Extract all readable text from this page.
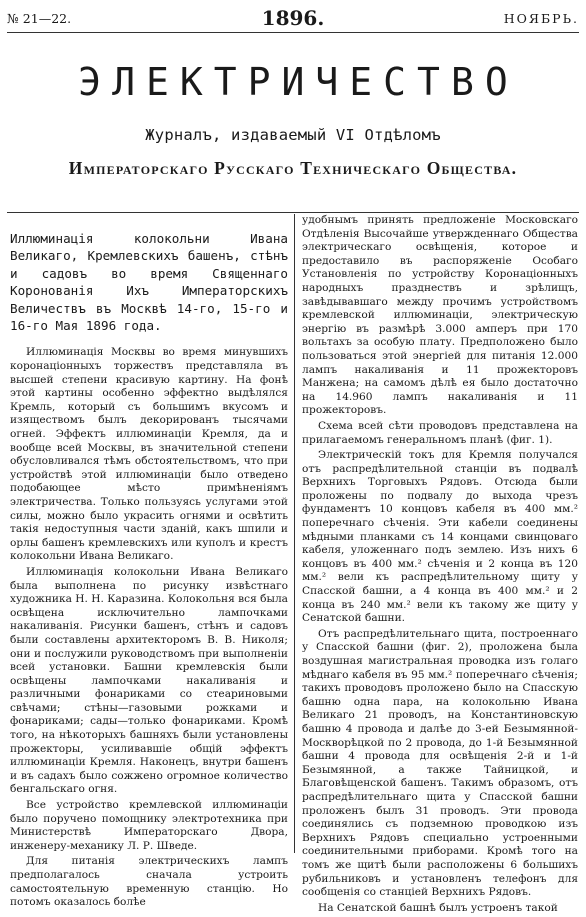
№ 21—22.	1896.	НОЯБРЬ.
ЭЛЕКТРИЧЕСТВО
Журналъ, издаваемый VI Отдѣломъ
Императорскаго Русскаго Техническаго Общества.
Иллюминація колокольни Ивана Великаго, Кремлевскихъ башенъ, стѣнъ и садовъ во время Священнаго Коронованія Ихъ Императорскихъ Величествъ въ Москвѣ 14-го, 15-го и 16-го Мая 1896 года.

Иллюминація Москвы во время минувшихъ коронаціонныхъ торжествъ представляла въ высшей степени красивую картину. На фонѣ этой картины особенно эффектно выдѣлялся Кремль, который съ большимъ вкусомъ и изяществомъ былъ декорированъ тысячами огней. Эффектъ иллюминаціи Кремля, да и вообще всей Москвы, въ значительной степени обусловливался тѣмъ обстоятельствомъ, что при устройствѣ этой иллюминаціи было отведено подобающее мѣсто примѣненіямъ электричества. Только пользуясь услугами этой силы, можно было украсить огнями и освѣтить такія недоступныя части зданій, какъ шпили и орлы башенъ кремлевскихъ или куполъ и крестъ колокольни Ивана Великаго.

Иллюминація колокольни Ивана Великаго была выполнена по рисунку извѣстнаго художника Н. Н. Каразина. Колокольня вся была освѣщена исключительно лампочками накаливанія. Рисунки башенъ, стѣнъ и садовъ были составлены архитекторомъ В. В. Николя; они и послужили руководствомъ при выполненіи всей установки. Башни кремлевскія были освѣщены лампочками накаливанія и различными фонариками со стеариновыми свѣчами; стѣны—газовыми рожками и фонариками; сады—только фонариками. Кромѣ того, на нѣкоторыхъ башняхъ были установлены прожекторы, усиливавшіе общій эффектъ иллюминаціи Кремля. Наконецъ, внутри башенъ и въ садахъ было сожжено огромное количество бенгальскаго огня.

Все устройство кремлевской иллюминаціи было поручено помощнику электротехника при Министерствѣ Императорскаго Двора, инженеру-механику Л. Р. Шведе.

Для питанія электрическихъ лампъ предполагалось сначала устроить самостоятельную временную станцію. Но потомъ оказалось болѣе

удобнымъ принять предложеніе Московскаго Отдѣленія Высочайше утвержденнаго Общества электрическаго освѣщенія, которое и предоставило въ распоряженіе Особаго Установленія по устройству Коронаціонныхъ народныхъ празднествъ и зрѣлищъ, завѣдывавшаго между прочимъ устройствомъ кремлевской иллюминаціи, электрическую энергію въ размѣрѣ 3.000 амперъ при 170 вольтахъ за особую плату. Предположено было пользоваться этой энергіей для питанія 12.000 лампъ накаливанія и 11 прожекторовъ Манжена; на самомъ дѣлѣ ея было достаточно на 14.960 лампъ накаливанія и 11 прожекторовъ.

Схема всей сѣти проводовъ представлена на прилагаемомъ генеральномъ планѣ (фиг. 1).

Электрическій токъ для Кремля получался отъ распредѣлительной станціи въ подвалѣ Верхнихъ Торговыхъ Рядовъ. Отсюда были проложены по подвалу до выхода чрезъ фундаментъ 10 концовъ кабеля въ 400 мм.² поперечнаго сѣченія. Эти кабели соединены мѣдными планками съ 14 концами свинцоваго кабеля, уложеннаго подъ землею. Изъ нихъ 6 концовъ въ 400 мм.² сѣченія и 2 конца въ 120 мм.² вели къ распредѣлительному щиту у Спасской башни, а 4 конца въ 400 мм.² и 2 конца въ 240 мм.² вели къ такому же щиту у Сенатской башни.

Отъ распредѣлительнаго щита, построеннаго у Спасской башни (фиг. 2), проложена была воздушная магистральная проводка изъ голаго мѣднаго кабеля въ 95 мм.² поперечнаго сѣченія; такихъ проводовъ проложено было на Спасскую башню одна пара, на колокольню Ивана Великаго 21 проводъ, на Константиновскую башню 4 провода и далѣе до 3-ей Безымянной-Москворѣцкой по 2 провода, до 1-й Безымянной башни 4 провода для освѣщенія 2-й и 1-й Безымянной, а также Тайницкой, и Благовѣщенской башенъ. Такимъ образомъ, отъ распредѣлительнаго щита у Спасской башни проложенъ былъ 31 проводъ. Эти провода соединялись съ подземною проводкою изъ Верхнихъ Рядовъ специально устроенными соединительными приборами. Кромѣ того на томъ же щитѣ были расположены 6 большихъ рубильниковъ и установленъ телефонъ для сообщенія со станціей Верхнихъ Рядовъ.

На Сенатской башнѣ былъ устроенъ такой
